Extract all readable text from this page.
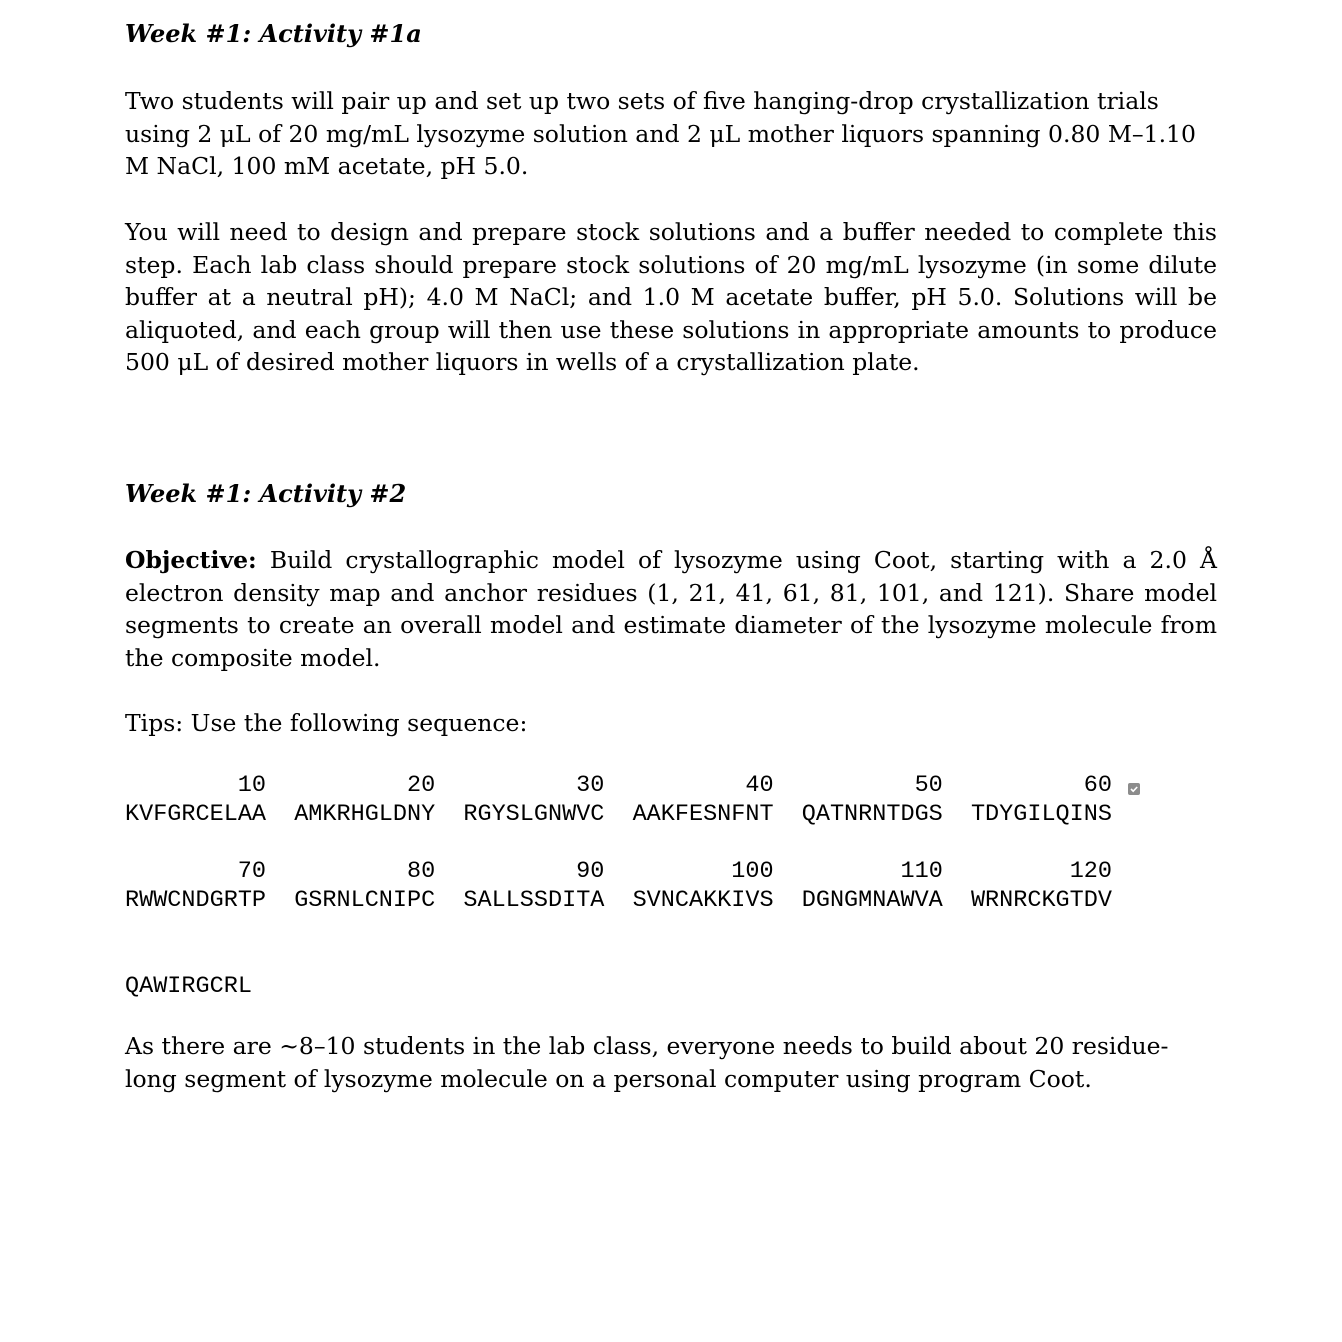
Week #1: Activity #1a

Two students will pair up and set up two sets of five hanging-drop crystallization trials using 2 μL of 20 mg/mL lysozyme solution and 2 μL mother liquors spanning 0.80 M–1.10 M NaCl, 100 mM acetate, pH 5.0.

You will need to design and prepare stock solutions and a buffer needed to complete this step. Each lab class should prepare stock solutions of 20 mg/mL lysozyme (in some dilute buffer at a neutral pH); 4.0 M NaCl; and 1.0 M acetate buffer, pH 5.0. Solutions will be aliquoted, and each group will then use these solutions in appropriate amounts to produce 500 μL of desired mother liquors in wells of a crystallization plate.

Week #1: Activity #2

Objective: Build crystallographic model of lysozyme using Coot, starting with a 2.0 Å electron density map and anchor residues (1, 21, 41, 61, 81, 101, and 121). Share model segments to create an overall model and estimate diameter of the lysozyme molecule from the composite model.

Tips: Use the following sequence:

10	20	30	40	50	60
KVFGRCELAA AMKRHGLDNY RGYSLGNWVC AAKFESNFNT QATNRNTDGS TDYGILQINS
70	80	90	100	110	120
RWWCNDGRTP GSRNLCNIPC SALLSSDITA SVNCAKKIVS DGNGMNAWVA WRNRCKGTDV
QAWIRGCRL

As there are ~8–10 students in the lab class, everyone needs to build about 20 residue-long segment of lysozyme molecule on a personal computer using program Coot.
